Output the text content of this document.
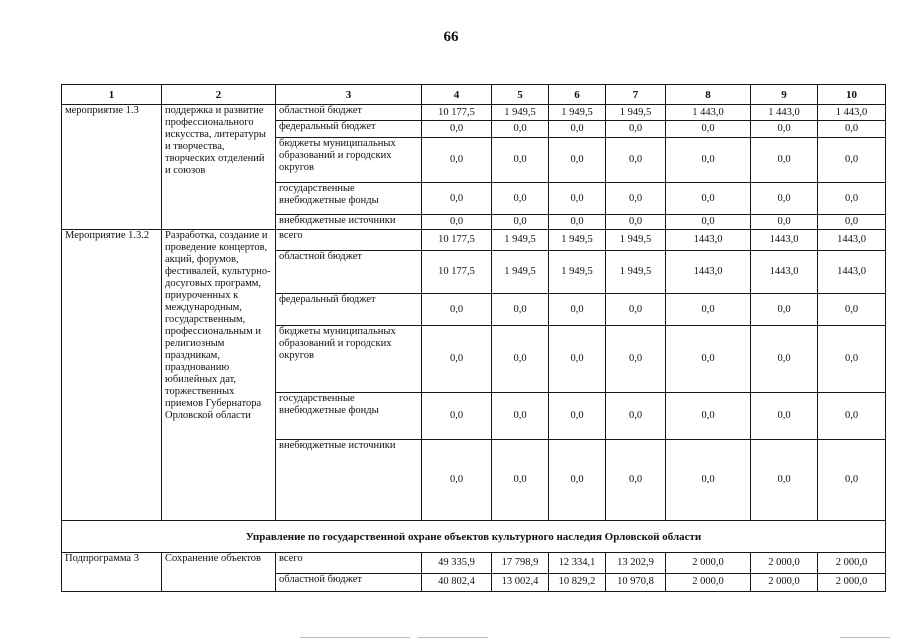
66
1	2	3	4	5	6	7	8	9	10
мероприятие 1.3	поддержка и развитие профессионального искусства, литературы и творчества, творческих отделений и союзов	областной бюджет	10 177,5	1 949,5	1 949,5	1 949,5	1 443,0	1 443,0	1 443,0
		федеральный бюджет	0,0	0,0	0,0	0,0	0,0	0,0	0,0
		бюджеты муниципальных образований и городских округов	0,0	0,0	0,0	0,0	0,0	0,0	0,0
		государственные внебюджетные фонды	0,0	0,0	0,0	0,0	0,0	0,0	0,0
		внебюджетные источники	0,0	0,0	0,0	0,0	0,0	0,0	0,0
Мероприятие 1.3.2	Разработка, создание и проведение концертов, акций, форумов, фестивалей, культурно-досуговых программ, приуроченных к международным, государственным, профессиональным и религиозным праздникам, празднованию юбилейных дат, торжественных приемов Губернатора Орловской области	всего	10 177,5	1 949,5	1 949,5	1 949,5	1443,0	1443,0	1443,0
		областной бюджет	10 177,5	1 949,5	1 949,5	1 949,5	1443,0	1443,0	1443,0
		федеральный бюджет	0,0	0,0	0,0	0,0	0,0	0,0	0,0
		бюджеты муниципальных образований и городских округов	0,0	0,0	0,0	0,0	0,0	0,0	0,0
		государственные внебюджетные фонды	0,0	0,0	0,0	0,0	0,0	0,0	0,0
		внебюджетные источники	0,0	0,0	0,0	0,0	0,0	0,0	0,0
Управление по государственной охране объектов культурного наследия Орловской области									
Подпрограмма 3	Сохранение объектов	всего	49 335,9	17 798,9	12 334,1	13 202,9	2 000,0	2 000,0	2 000,0
		областной бюджет	40 802,4	13 002,4	10 829,2	10 970,8	2 000,0	2 000,0	2 000,0
